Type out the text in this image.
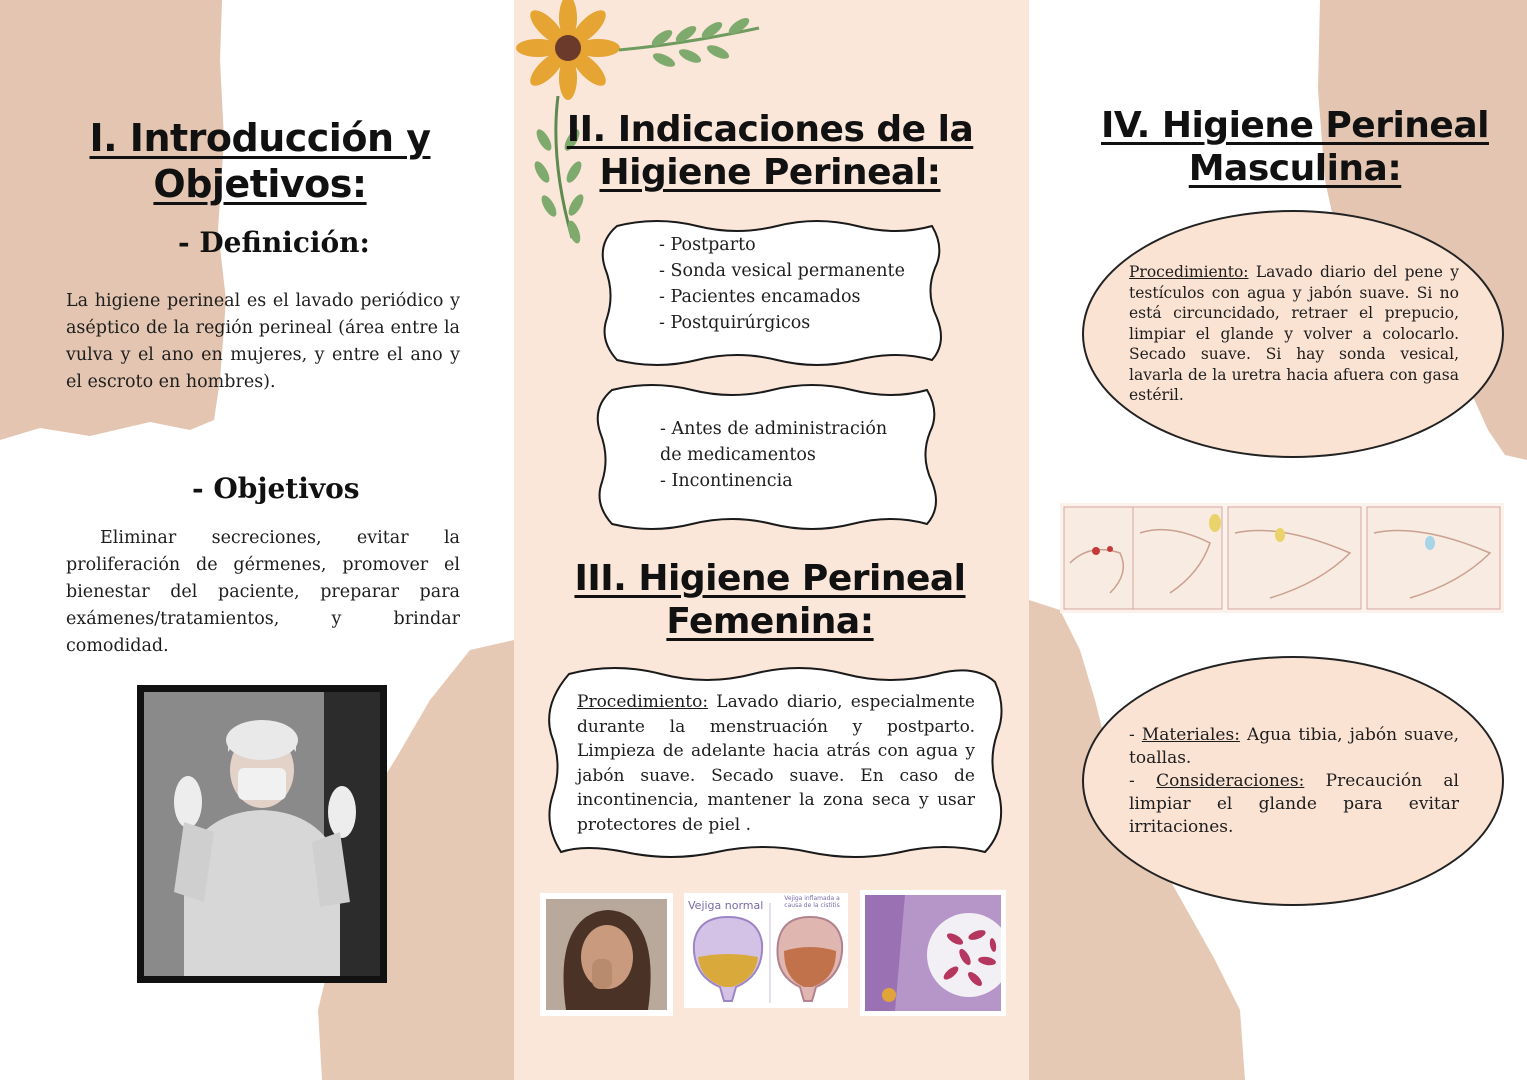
I. Introducción y
Objetivos:
- Definición:
La higiene perineal es el lavado periódico y aséptico de la región perineal (área entre la vulva y el ano en mujeres, y entre el ano y el escroto en hombres).
- Objetivos
Eliminar secreciones, evitar la proliferación de gérmenes, promover el bienestar del paciente, preparar para exámenes/tratamientos, y brindar comodidad.
II. Indicaciones de la
Higiene Perineal:
- Postparto
- Sonda vesical permanente
- Pacientes encamados
- Postquirúrgicos
- Antes de administración
de medicamentos
- Incontinencia
III. Higiene Perineal
Femenina:
Procedimiento: Lavado diario, especialmente durante la menstruación y postparto. Limpieza de adelante hacia atrás con agua y jabón suave. Secado suave. En caso de incontinencia, mantener la zona seca y usar protectores de piel .
Vejiga normal
Vejiga inflamada a causa de la cistitis
IV. Higiene Perineal
Masculina:
Procedimiento: Lavado diario del pene y testículos con agua y jabón suave. Si no está circuncidado, retraer el prepucio, limpiar el glande y volver a colocarlo. Secado suave. Si hay sonda vesical, lavarla de la uretra hacia afuera con gasa estéril.
- Materiales: Agua tibia, jabón suave, toallas.
- Consideraciones: Precaución al limpiar el glande para evitar irritaciones.
